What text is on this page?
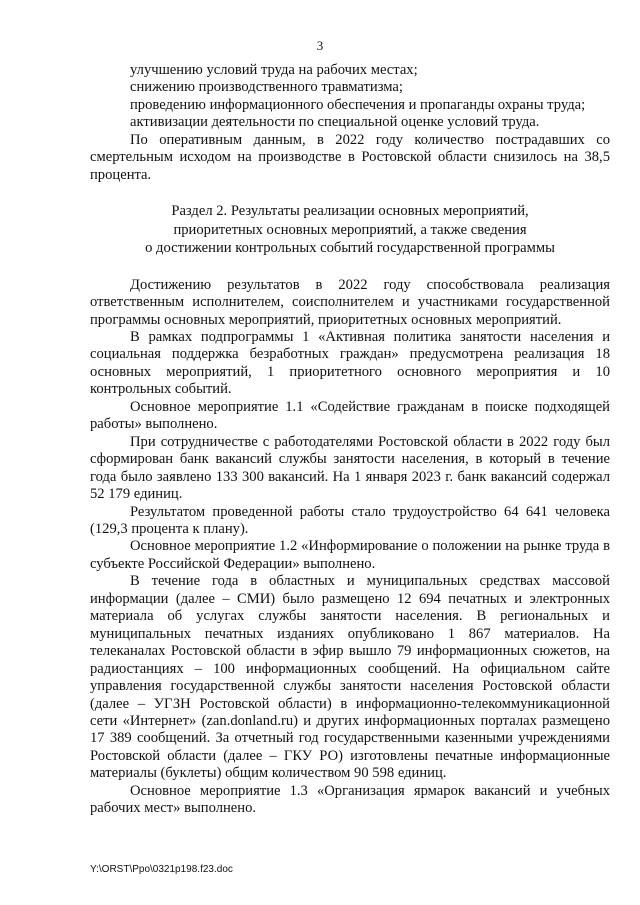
3

улучшению условий труда на рабочих местах;

снижению производственного травматизма;

проведению информационного обеспечения и пропаганды охраны труда;

активизации деятельности по специальной оценке условий труда.

По оперативным данным, в 2022 году количество пострадавших со смертельным исходом на производстве в Ростовской области снизилось на 38,5 процента.

Раздел 2. Результаты реализации основных мероприятий,
приоритетных основных мероприятий, а также сведения
о достижении контрольных событий государственной программы

Достижению результатов в 2022 году способствовала реализация ответственным исполнителем, соисполнителем и участниками государственной программы основных мероприятий, приоритетных основных мероприятий.

В рамках подпрограммы 1 «Активная политика занятости населения и социальная поддержка безработных граждан» предусмотрена реализация 18 основных мероприятий, 1 приоритетного основного мероприятия и 10 контрольных событий.

Основное мероприятие 1.1 «Содействие гражданам в поиске подходящей работы» выполнено.

При сотрудничестве с работодателями Ростовской области в 2022 году был сформирован банк вакансий службы занятости населения, в который в течение года было заявлено 133 300 вакансий. На 1 января 2023 г. банк вакансий содержал 52 179 единиц.

Результатом проведенной работы стало трудоустройство 64 641 человека (129,3 процента к плану).

Основное мероприятие 1.2 «Информирование о положении на рынке труда в субъекте Российской Федерации» выполнено.

В течение года в областных и муниципальных средствах массовой информации (далее – СМИ) было размещено 12 694 печатных и электронных материала об услугах службы занятости населения. В региональных и муниципальных печатных изданиях опубликовано 1 867 материалов. На телеканалах Ростовской области в эфир вышло 79 информационных сюжетов, на радиостанциях – 100 информационных сообщений. На официальном сайте управления государственной службы занятости населения Ростовской области (далее – УГЗН Ростовской области) в информационно-телекоммуникационной сети «Интернет» (zan.donland.ru) и других информационных порталах размещено 17 389 сообщений. За отчетный год государственными казенными учреждениями Ростовской области (далее – ГКУ РО) изготовлены печатные информационные материалы (буклеты) общим количеством 90 598 единиц.

Основное мероприятие 1.3 «Организация ярмарок вакансий и учебных рабочих мест» выполнено.

Y:\ORST\Ppo\0321p198.f23.doc
